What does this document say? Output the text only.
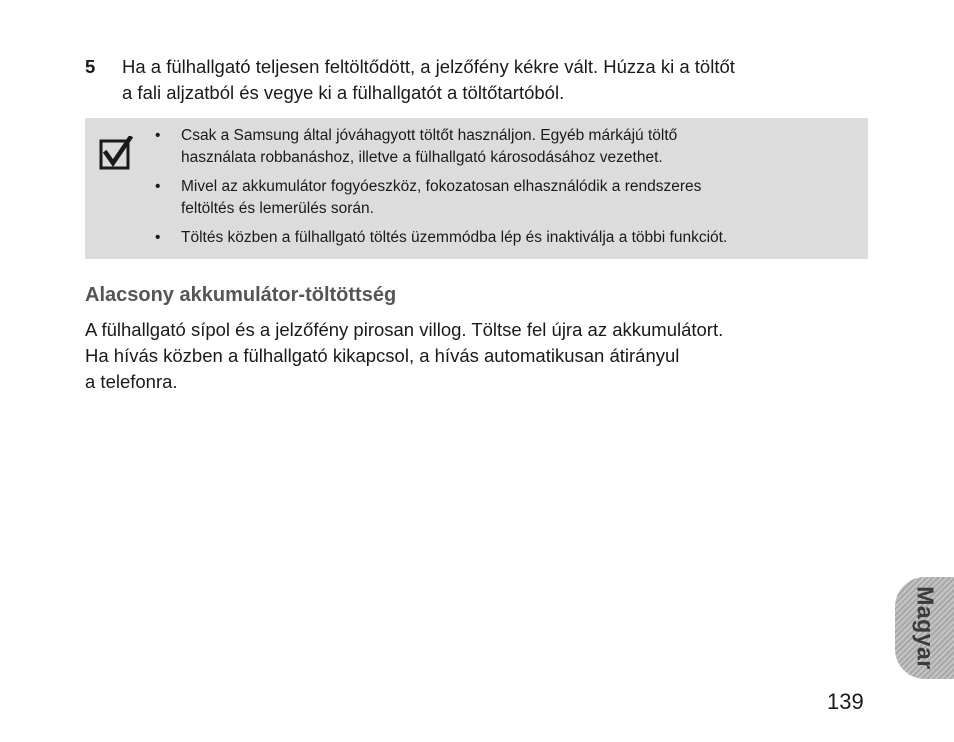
5 Ha a fülhallgató teljesen feltöltődött, a jelzőfény kékre vált. Húzza ki a töltőt
a fali aljzatból és vegye ki a fülhallgatót a töltőtartóból.
• Csak a Samsung által jóváhagyott töltőt használjon. Egyéb márkájú töltő
használata robbanáshoz, illetve a fülhallgató károsodásához vezethet.
• Mivel az akkumulátor fogyóeszköz, fokozatosan elhasználódik a rendszeres
feltöltés és lemerülés során.
• Töltés közben a fülhallgató töltés üzemmódba lép és inaktiválja a többi funkciót.
Alacsony akkumulátor-töltöttség
A fülhallgató sípol és a jelzőfény pirosan villog. Töltse fel újra az akkumulátort.
Ha hívás közben a fülhallgató kikapcsol, a hívás automatikusan átirányul
a telefonra.
Magyar
139
